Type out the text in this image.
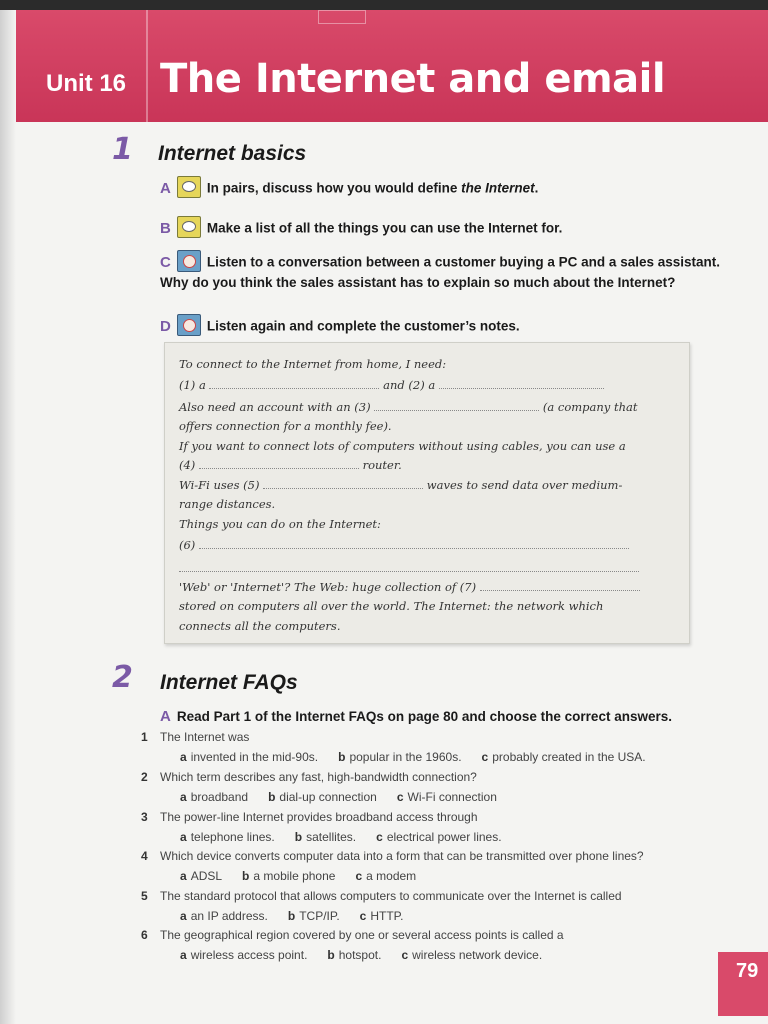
Unit 16 The Internet and email
1 Internet basics
A	In pairs, discuss how you would define the Internet.
B	Make a list of all the things you can use the Internet for.
C	Listen to a conversation between a customer buying a PC and a sales assistant. Why do you think the sales assistant has to explain so much about the Internet?
D	Listen again and complete the customer’s notes.
To connect to the Internet from home, I need:
(1) a	and (2) a
Also need an account with an (3)	(a company that
offers connection for a monthly fee).
If you want to connect lots of computers without using cables, you can use a
(4)	router.
Wi-Fi uses (5)	waves to send data over medium-
range distances.
Things you can do on the Internet:
(6)
'Web' or 'Internet'? The Web: huge collection of (7)
stored on computers all over the world. The Internet: the network which
connects all the computers.
2 Internet FAQs
A Read Part 1 of the Internet FAQs on page 80 and choose the correct answers.
1 The Internet was
a invented in the mid-90s. b popular in the 1960s. c probably created in the USA.
2 Which term describes any fast, high-bandwidth connection?
a broadband b dial-up connection c Wi-Fi connection
3 The power-line Internet provides broadband access through
a telephone lines. b satellites. c electrical power lines.
4 Which device converts computer data into a form that can be transmitted over phone lines?
a ADSL b a mobile phone c a modem
5 The standard protocol that allows computers to communicate over the Internet is called
a an IP address. b TCP/IP. c HTTP.
6 The geographical region covered by one or several access points is called a
a wireless access point. b hotspot. c wireless network device.
79
